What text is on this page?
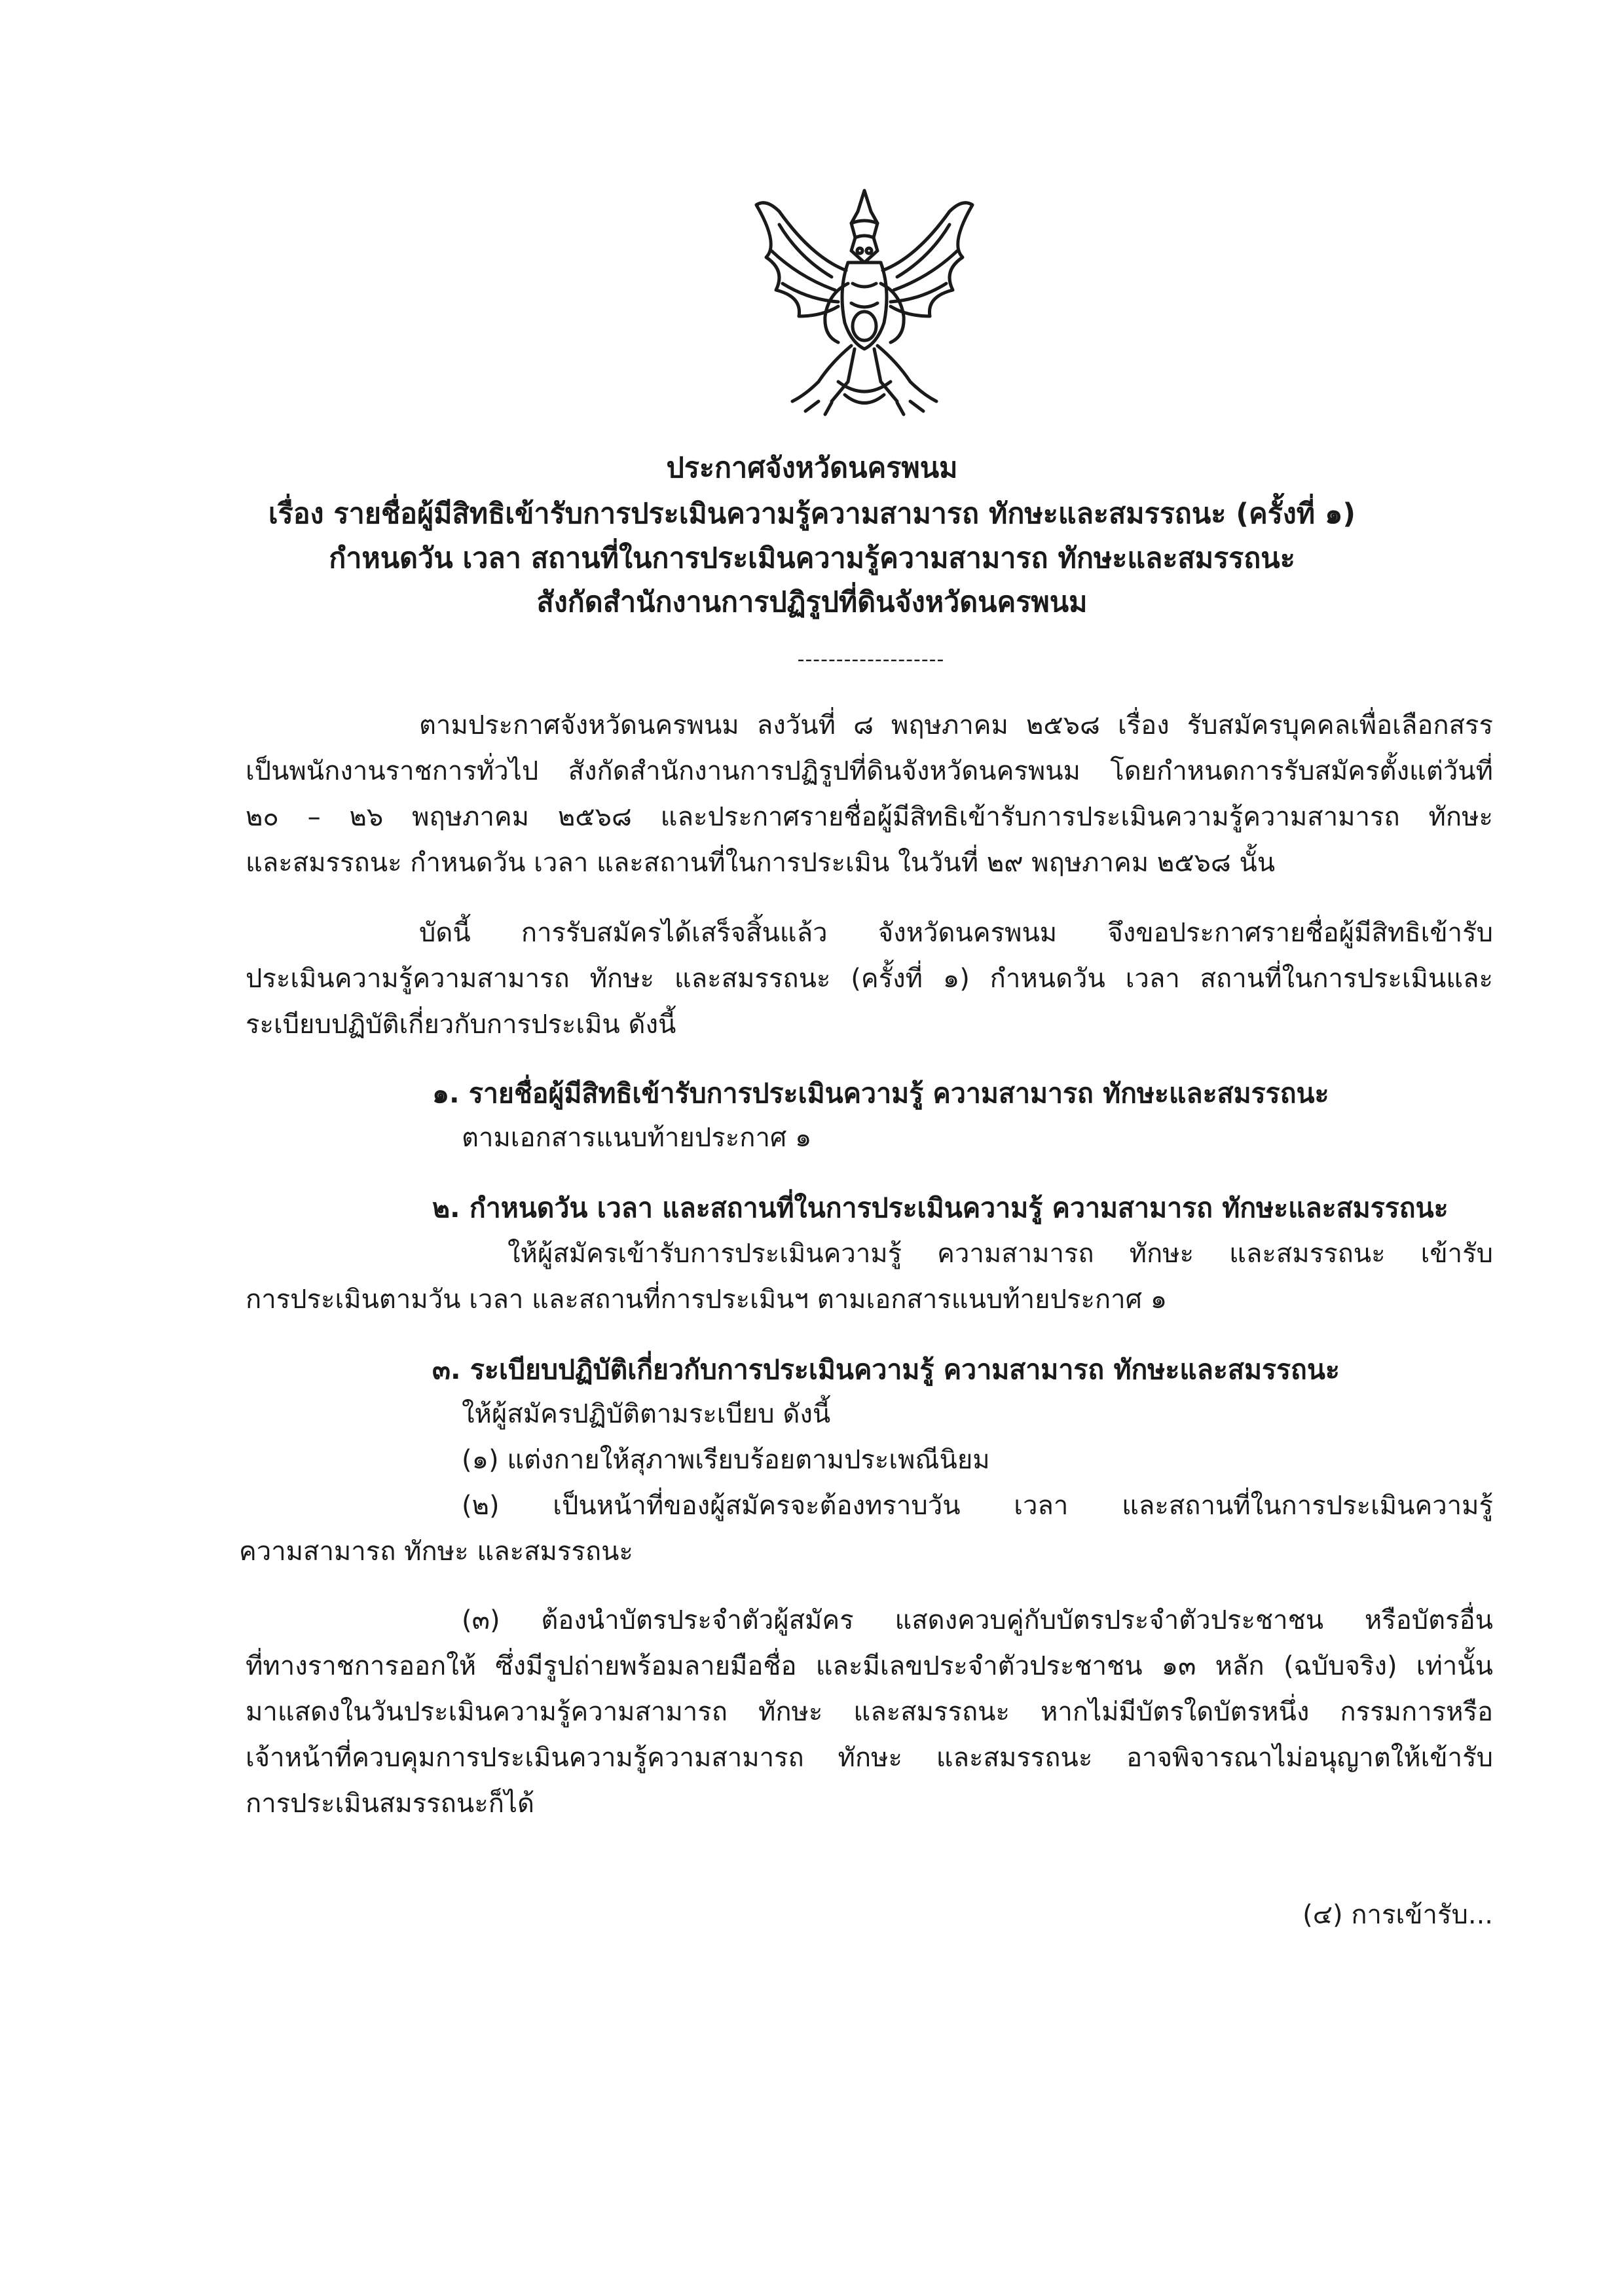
ประกาศจังหวัดนครพนม
เรื่อง รายชื่อผู้มีสิทธิเข้ารับการประเมินความรู้ความสามารถ ทักษะและสมรรถนะ (ครั้งที่ ๑)
กำหนดวัน เวลา สถานที่ในการประเมินความรู้ความสามารถ ทักษะและสมรรถนะ
สังกัดสำนักงานการปฏิรูปที่ดินจังหวัดนครพนม
-------------------
ตามประกาศจังหวัดนครพนม ลงวันที่ ๘ พฤษภาคม ๒๕๖๘ เรื่อง รับสมัครบุคคลเพื่อเลือกสรร
เป็นพนักงานราชการทั่วไป สังกัดสำนักงานการปฏิรูปที่ดินจังหวัดนครพนม โดยกำหนดการรับสมัครตั้งแต่วันที่
๒๐ – ๒๖ พฤษภาคม ๒๕๖๘ และประกาศรายชื่อผู้มีสิทธิเข้ารับการประเมินความรู้ความสามารถ ทักษะ
และสมรรถนะ กำหนดวัน เวลา และสถานที่ในการประเมิน ในวันที่ ๒๙ พฤษภาคม ๒๕๖๘ นั้น
บัดนี้ การรับสมัครได้เสร็จสิ้นแล้ว จังหวัดนครพนม จึงขอประกาศรายชื่อผู้มีสิทธิเข้ารับ
ประเมินความรู้ความสามารถ ทักษะ และสมรรถนะ (ครั้งที่ ๑) กำหนดวัน เวลา สถานที่ในการประเมินและ
ระเบียบปฏิบัติเกี่ยวกับการประเมิน ดังนี้
๑. รายชื่อผู้มีสิทธิเข้ารับการประเมินความรู้ ความสามารถ ทักษะและสมรรถนะ
ตามเอกสารแนบท้ายประกาศ ๑
๒. กำหนดวัน เวลา และสถานที่ในการประเมินความรู้ ความสามารถ ทักษะและสมรรถนะ
ให้ผู้สมัครเข้ารับการประเมินความรู้ ความสามารถ ทักษะ และสมรรถนะ เข้ารับ
การประเมินตามวัน เวลา และสถานที่การประเมินฯ ตามเอกสารแนบท้ายประกาศ ๑
๓. ระเบียบปฏิบัติเกี่ยวกับการประเมินความรู้ ความสามารถ ทักษะและสมรรถนะ
ให้ผู้สมัครปฏิบัติตามระเบียบ ดังนี้
(๑) แต่งกายให้สุภาพเรียบร้อยตามประเพณีนิยม
(๒) เป็นหน้าที่ของผู้สมัครจะต้องทราบวัน เวลา และสถานที่ในการประเมินความรู้
ความสามารถ ทักษะ และสมรรถนะ
(๓) ต้องนำบัตรประจำตัวผู้สมัคร แสดงควบคู่กับบัตรประจำตัวประชาชน หรือบัตรอื่น
ที่ทางราชการออกให้ ซึ่งมีรูปถ่ายพร้อมลายมือชื่อ และมีเลขประจำตัวประชาชน ๑๓ หลัก (ฉบับจริง) เท่านั้น
มาแสดงในวันประเมินความรู้ความสามารถ ทักษะ และสมรรถนะ หากไม่มีบัตรใดบัตรหนึ่ง กรรมการหรือ
เจ้าหน้าที่ควบคุมการประเมินความรู้ความสามารถ ทักษะ และสมรรถนะ อาจพิจารณาไม่อนุญาตให้เข้ารับ
การประเมินสมรรถนะก็ได้
(๔) การเข้ารับ...
